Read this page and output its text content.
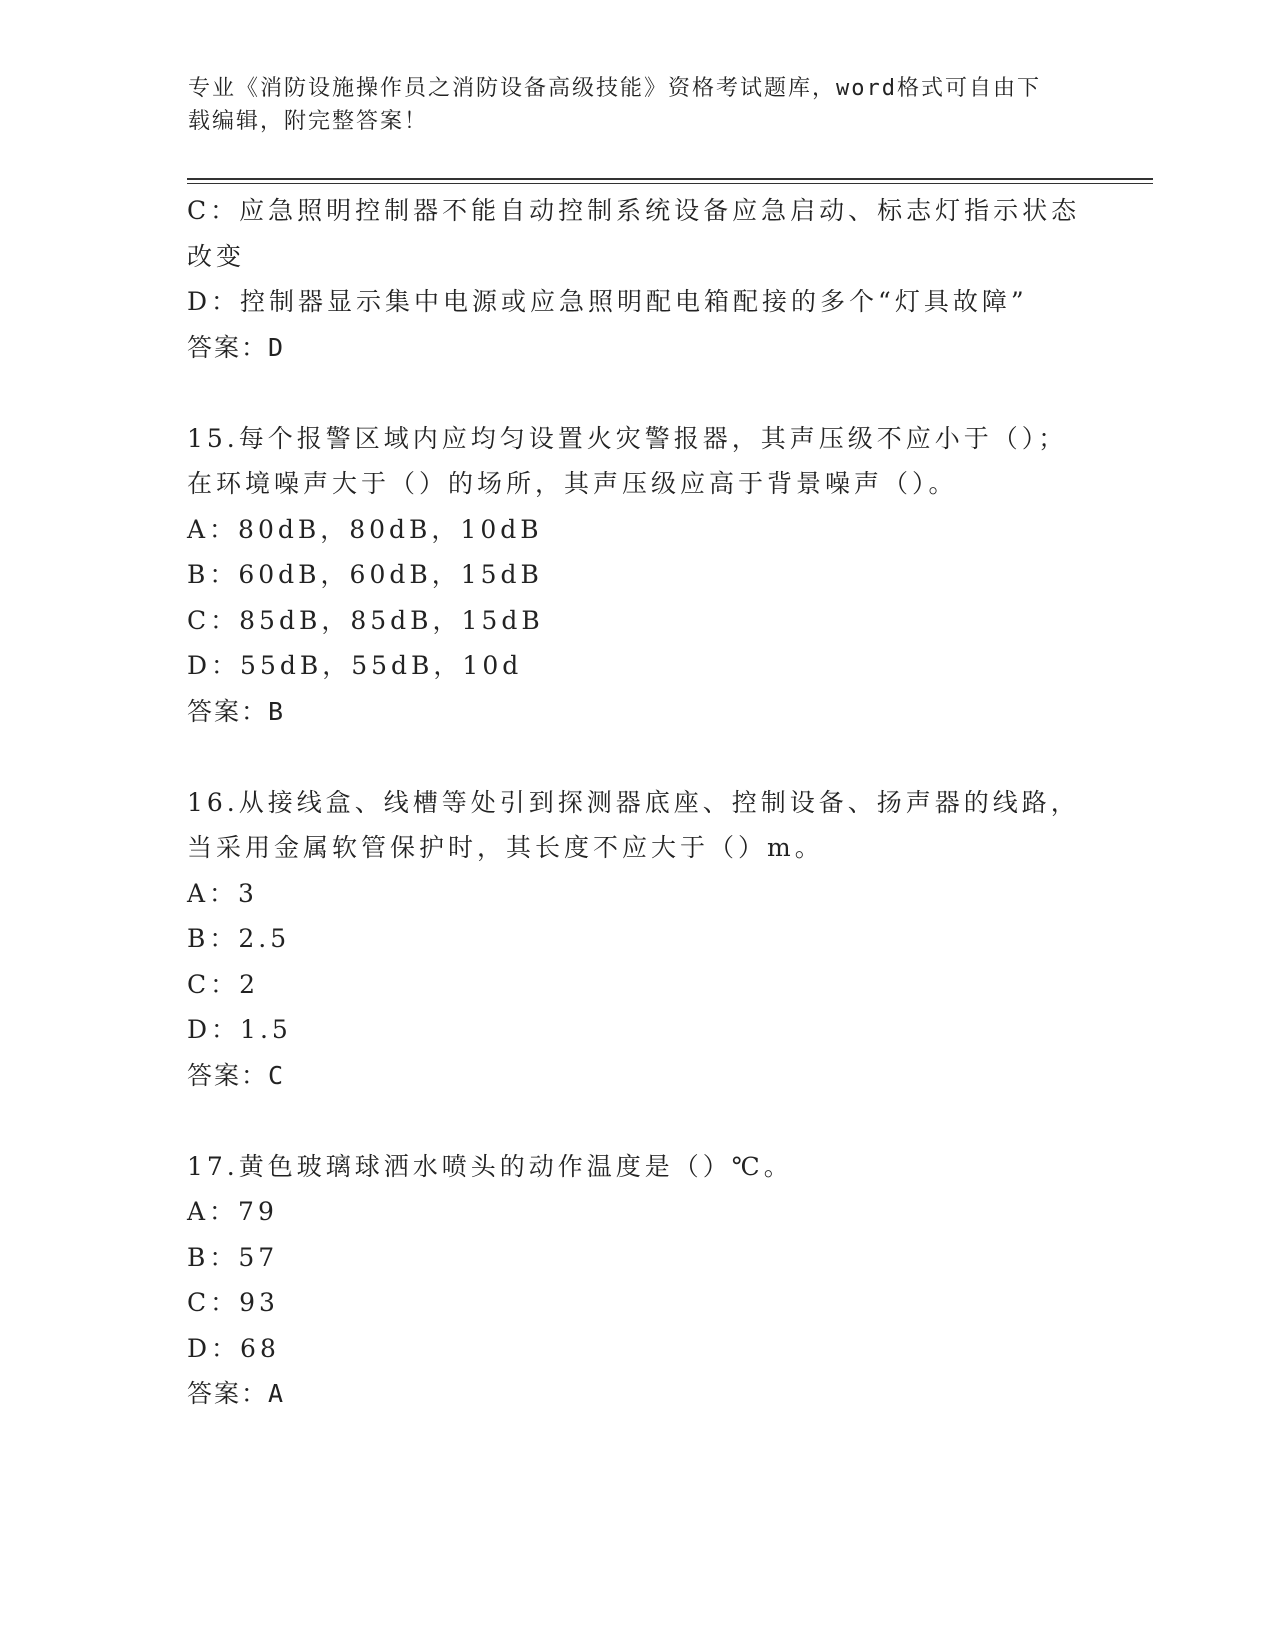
专业《消防设施操作员之消防设备高级技能》资格考试题库，word格式可自由下
载编辑，附完整答案！
C：应急照明控制器不能自动控制系统设备应急启动、标志灯指示状态
改变
D：控制器显示集中电源或应急照明配电箱配接的多个“灯具故障”
答案：D
15.每个报警区域内应均匀设置火灾警报器，其声压级不应小于（）；
在环境噪声大于（）的场所，其声压级应高于背景噪声（）。
A：80dB，80dB，10dB
B：60dB，60dB，15dB
C：85dB，85dB，15dB
D：55dB，55dB，10d
答案：B
16.从接线盒、线槽等处引到探测器底座、控制设备、扬声器的线路，
当采用金属软管保护时，其长度不应大于（）m。
A：3
B：2.5
C：2
D：1.5
答案：C
17.黄色玻璃球洒水喷头的动作温度是（）℃。
A：79
B：57
C：93
D：68
答案：A
